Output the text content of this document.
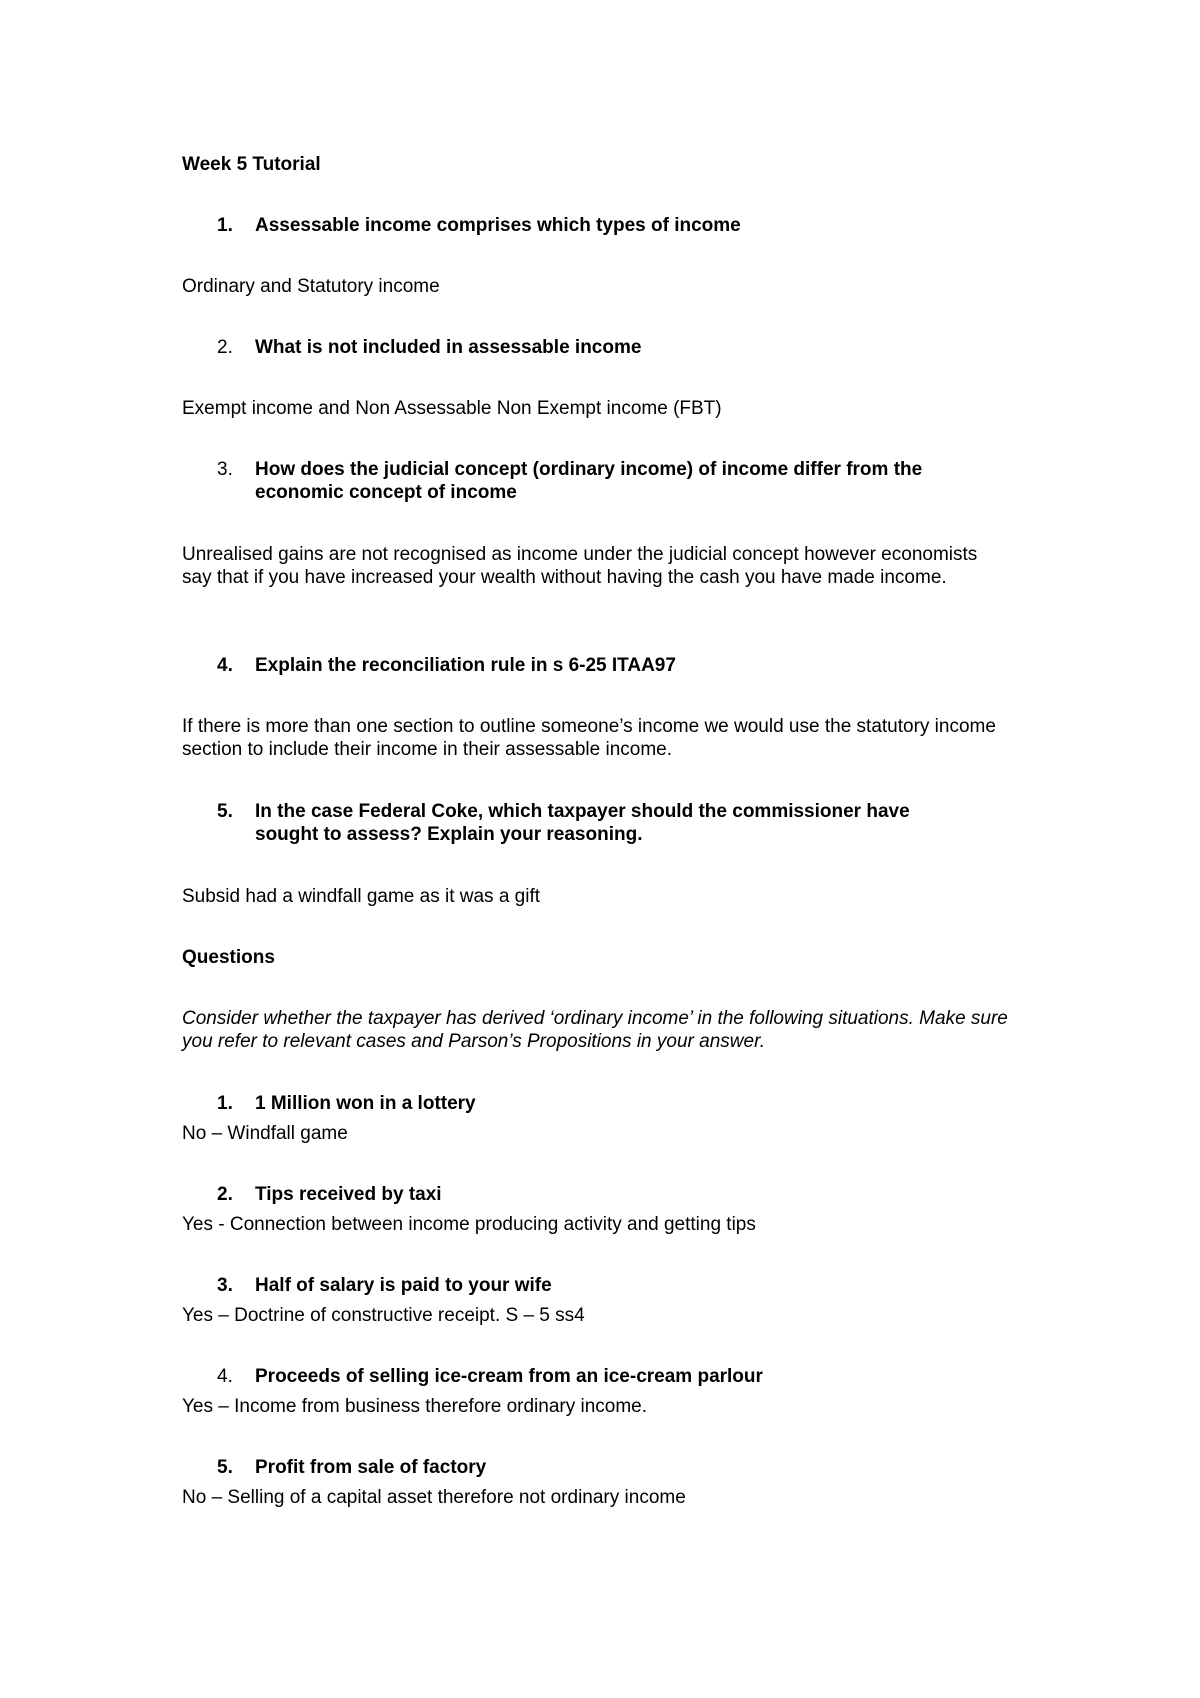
Week 5 Tutorial
1.	Assessable income comprises which types of income
Ordinary and Statutory income
2.	What is not included in assessable income
Exempt income and Non Assessable Non Exempt income (FBT)
3.	How does the judicial concept (ordinary income) of income differ from the economic concept of income
Unrealised gains are not recognised as income under the judicial concept however economists say that if you have increased your wealth without having the cash you have made income.
4.	Explain the reconciliation rule in s 6-25 ITAA97
If there is more than one section to outline someone’s income we would use the statutory income section to include their income in their assessable income.
5.	In the case Federal Coke, which taxpayer should the commissioner have sought to assess? Explain your reasoning.
Subsid had a windfall game as it was a gift
Questions
Consider whether the taxpayer has derived ‘ordinary income’ in the following situations. Make sure you refer to relevant cases and Parson’s Propositions in your answer.
1.	1 Million won in a lottery
No – Windfall game
2.	Tips received by taxi
Yes - Connection between income producing activity and getting tips
3.	Half of salary is paid to your wife
Yes – Doctrine of constructive receipt. S – 5 ss4
4.	Proceeds of selling ice-cream from an ice-cream parlour
Yes – Income from business therefore ordinary income.
5.	Profit from sale of factory
No – Selling of a capital asset therefore not ordinary income
